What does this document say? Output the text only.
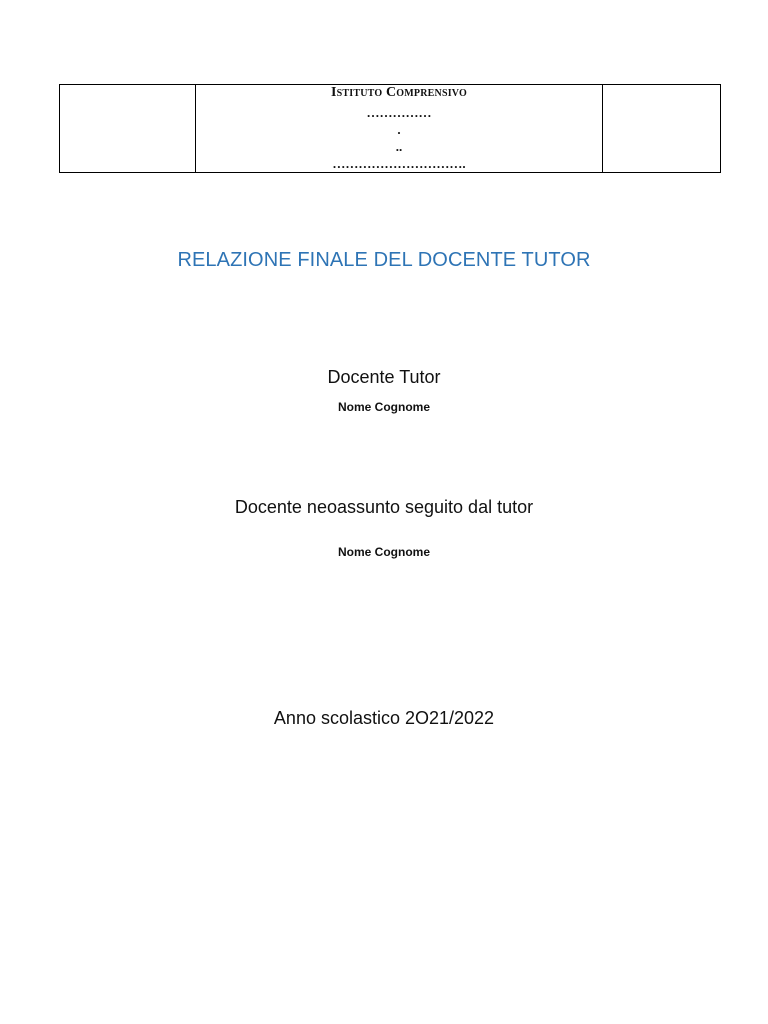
Istituto Comprensivo
……………
.
..
………………………….

RELAZIONE FINALE DEL DOCENTE TUTOR
Docente Tutor
Nome Cognome
Docente neoassunto seguito dal tutor
Nome Cognome
Anno scolastico 2O21/2022
